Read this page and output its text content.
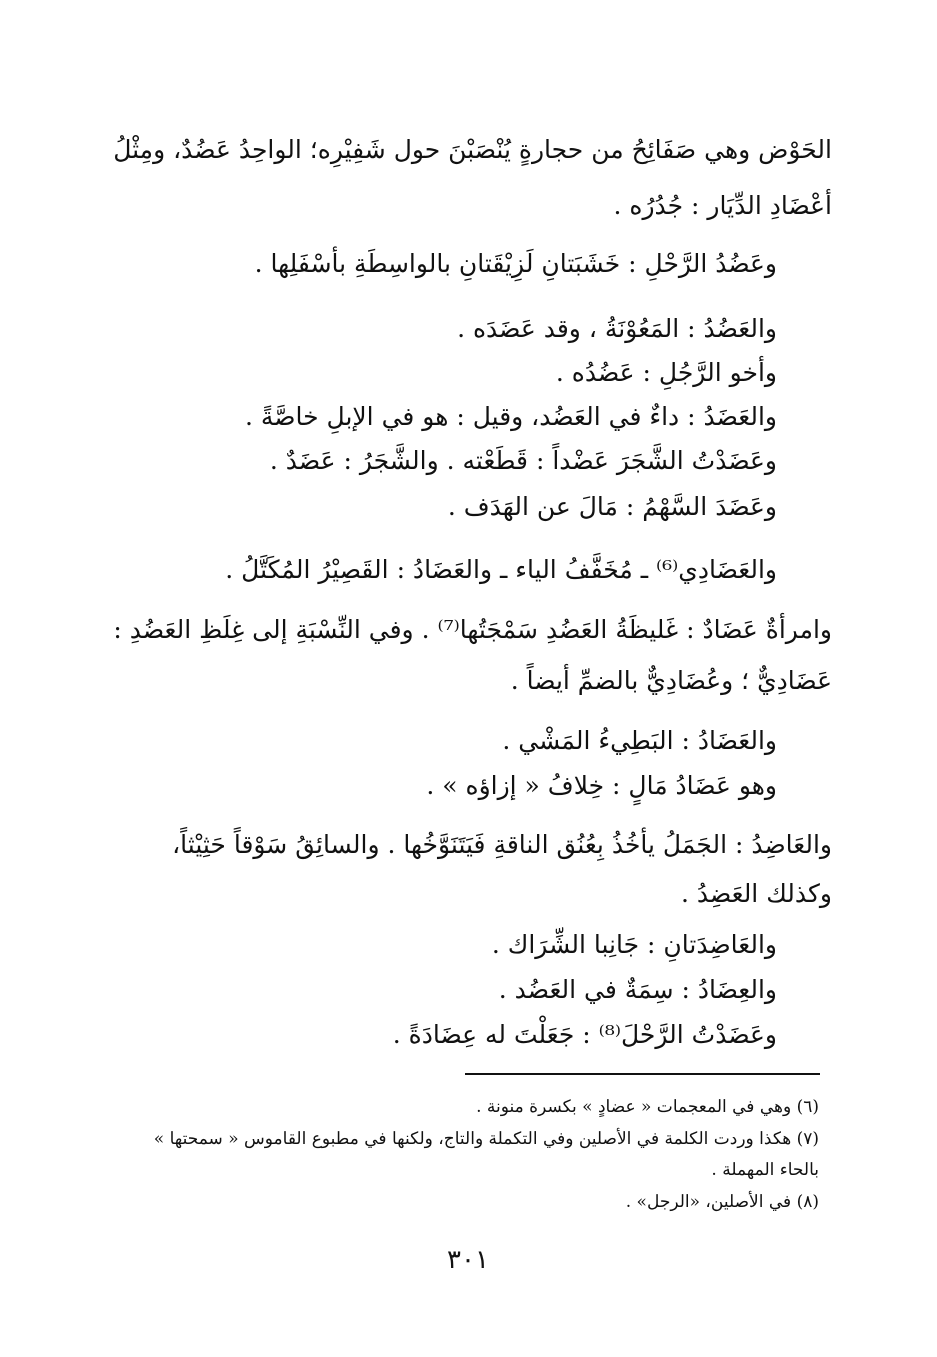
الحَوْض وهي صَفَائِحُ من حجارةٍ يُنْصَبْنَ حول شَفِيْرِه؛ الواحِدُ عَضُدٌ، ومِثْلُ
أعْضَادِ الدِّيَار : جُدُرُه .
وعَضُدُ الرَّحْلِ : خَشَبَتانِ لَزِيْقَتانِ بالواسِطَةِ بأسْفَلِها .
والعَضُدُ : المَعُوْنَةُ ، وقد عَضَدَه .
وأخو الرَّجُلِ : عَضُدُه .
والعَضَدُ : داءٌ في العَضُد، وقيل : هو في الإبلِ خاصَّةً .
وعَضَدْتُ الشَّجَرَ عَضْداً : قَطَعْته . والشَّجَرُ : عَضَدٌ .
وعَضَدَ السَّهْمُ : مَالَ عن الهَدَف .
والعَضَادِي⁽⁶⁾ ـ مُخَفَّفُ الياء ـ والعَضَادُ : القَصِيْرُ المُكَتَّلُ .
وامرأةٌ عَضَادٌ : غَليظَةُ العَضُدِ سَمْجَتُها⁽⁷⁾ . وفي النِّسْبَةِ إلى غِلَظِ العَضُدِ :
عَضَادِيٌّ ؛ وعُضَادِيٌّ بالضمِّ أيضاً .
والعَضَادُ : البَطِيءُ المَشْي .
وهو عَضَادُ مَالٍ : خِلافُ « إزاؤه » .
والعَاضِدُ : الجَمَلُ يأخُذُ بِعُنُق الناقةِ فَيَتَنَوَّخُها . والسائِقُ سَوْقاً حَثِيْثاً،
وكذلك العَضِدُ .
والعَاضِدَتانِ : جَانِبا الشِّرَاك .
والعِضَادُ : سِمَةٌ في العَضُد .
وعَضَدْتُ الرَّحْلَ⁽⁸⁾ : جَعَلْتَ له عِضَادَةً .
(٦) وهي في المعجمات « عضادٍ » بكسرة منونة .
(٧) هكذا وردت الكلمة في الأصلين وفي التكملة والتاج، ولكنها في مطبوع القاموس « سمحتها »
بالحاء المهملة .
(٨) في الأصلين، «الرجل» .
٣٠١
